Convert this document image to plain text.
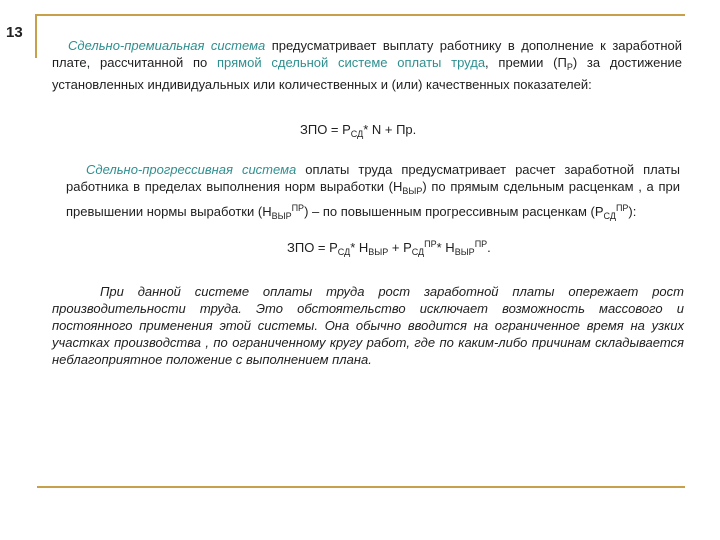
13
Сдельно-премиальная система предусматривает выплату работнику в дополнение к заработной плате, рассчитанной по прямой сдельной системе оплаты труда, премии $(П_Р)$ за достижение установленных индивидуальных или количественных и (или) качественных показателей:
ЗПО = $Р_{СД}*$ N + Пр.
Сдельно-прогрессивная система оплаты труда предусматривает расчет заработной платы работника в пределах выполнения норм выработки $(Н_{ВЫР})$ по прямым сдельным расценкам , а при превышении нормы выработки $(Н_{ВЫР}^{ПР})$ – по повышенным прогрессивным расценкам $(Р_{СД}^{ПР})$:
ЗПО = $Р_{СД}*$ $Н_{ВЫР} + Р_{СД}^{ПР}*$ $Н_{ВЫР}^{ПР}$.
При данной системе оплаты труда рост заработной платы опережает рост производительности труда. Это обстоятельство исключает возможность массового и постоянного применения этой системы. Она обычно вводится на ограниченное время на узких участках производства , по ограниченному кругу работ, где по каким-либо причинам складывается неблагоприятное положение с выполнением плана.
